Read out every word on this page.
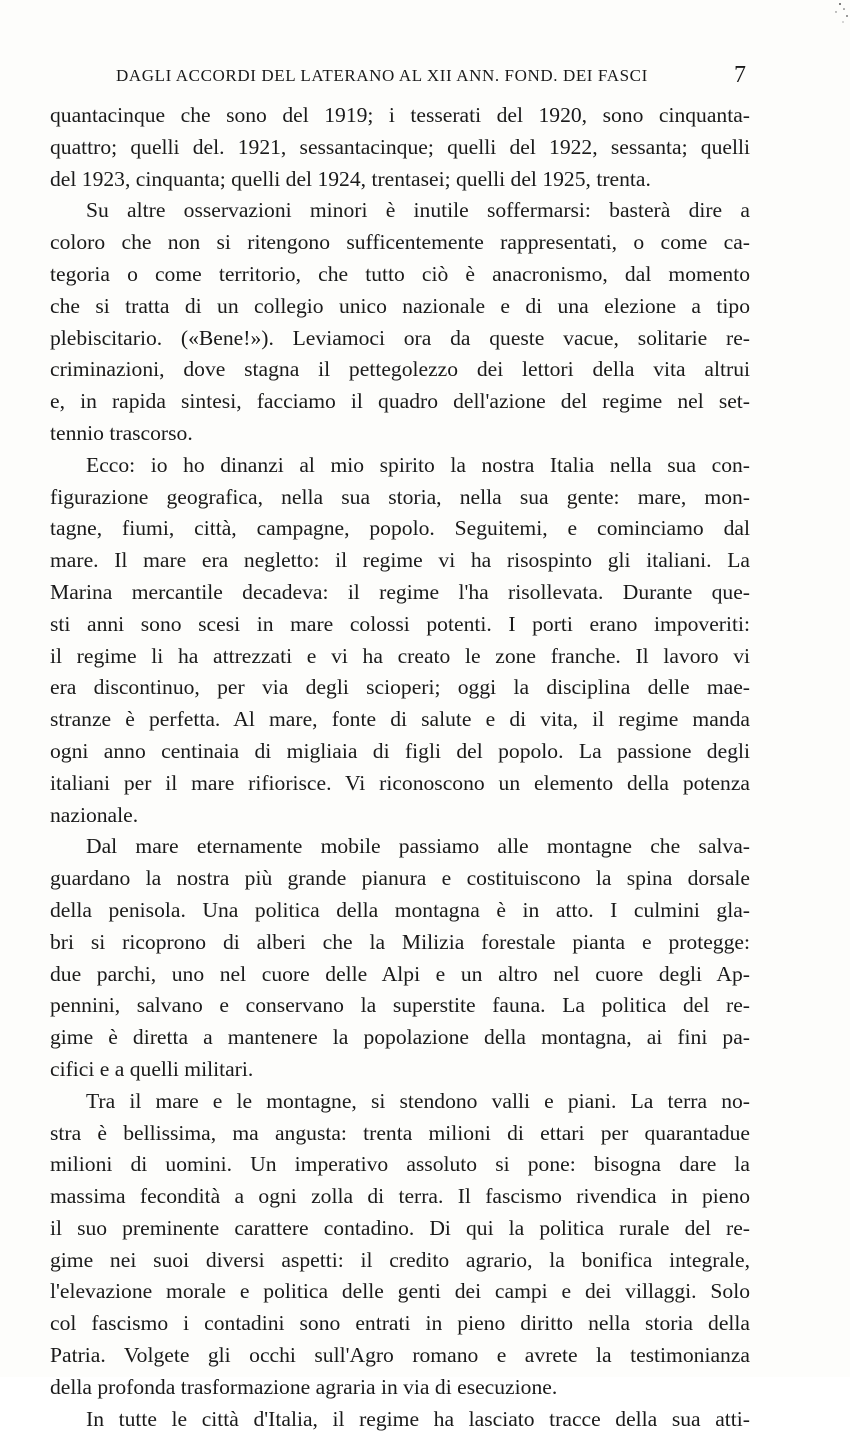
DAGLI ACCORDI DEL LATERANO AL XII ANN. FOND. DEI FASCI	7
quantacinque che sono del 1919; i tesserati del 1920, sono cinquanta-
quattro; quelli del. 1921, sessantacinque; quelli del 1922, sessanta; quelli
del 1923, cinquanta; quelli del 1924, trentasei; quelli del 1925, trenta.
Su altre osservazioni minori è inutile soffermarsi: basterà dire a
coloro che non si ritengono sufficentemente rappresentati, o come ca-
tegoria o come territorio, che tutto ciò è anacronismo, dal momento
che si tratta di un collegio unico nazionale e di una elezione a tipo
plebiscitario. («Bene!»). Leviamoci ora da queste vacue, solitarie re-
criminazioni, dove stagna il pettegolezzo dei lettori della vita altrui
e, in rapida sintesi, facciamo il quadro dell'azione del regime nel set-
tennio trascorso.
Ecco: io ho dinanzi al mio spirito la nostra Italia nella sua con-
figurazione geografica, nella sua storia, nella sua gente: mare, mon-
tagne, fiumi, città, campagne, popolo. Seguitemi, e cominciamo dal
mare. Il mare era negletto: il regime vi ha risospinto gli italiani. La
Marina mercantile decadeva: il regime l'ha risollevata. Durante que-
sti anni sono scesi in mare colossi potenti. I porti erano impoveriti:
il regime li ha attrezzati e vi ha creato le zone franche. Il lavoro vi
era discontinuo, per via degli scioperi; oggi la disciplina delle mae-
stranze è perfetta. Al mare, fonte di salute e di vita, il regime manda
ogni anno centinaia di migliaia di figli del popolo. La passione degli
italiani per il mare rifiorisce. Vi riconoscono un elemento della potenza
nazionale.
Dal mare eternamente mobile passiamo alle montagne che salva-
guardano la nostra più grande pianura e costituiscono la spina dorsale
della penisola. Una politica della montagna è in atto. I culmini gla-
bri si ricoprono di alberi che la Milizia forestale pianta e protegge:
due parchi, uno nel cuore delle Alpi e un altro nel cuore degli Ap-
pennini, salvano e conservano la superstite fauna. La politica del re-
gime è diretta a mantenere la popolazione della montagna, ai fini pa-
cifici e a quelli militari.
Tra il mare e le montagne, si stendono valli e piani. La terra no-
stra è bellissima, ma angusta: trenta milioni di ettari per quarantadue
milioni di uomini. Un imperativo assoluto si pone: bisogna dare la
massima fecondità a ogni zolla di terra. Il fascismo rivendica in pieno
il suo preminente carattere contadino. Di qui la politica rurale del re-
gime nei suoi diversi aspetti: il credito agrario, la bonifica integrale,
l'elevazione morale e politica delle genti dei campi e dei villaggi. Solo
col fascismo i contadini sono entrati in pieno diritto nella storia della
Patria. Volgete gli occhi sull'Agro romano e avrete la testimonianza
della profonda trasformazione agraria in via di esecuzione.
In tutte le città d'Italia, il regime ha lasciato tracce della sua atti-
